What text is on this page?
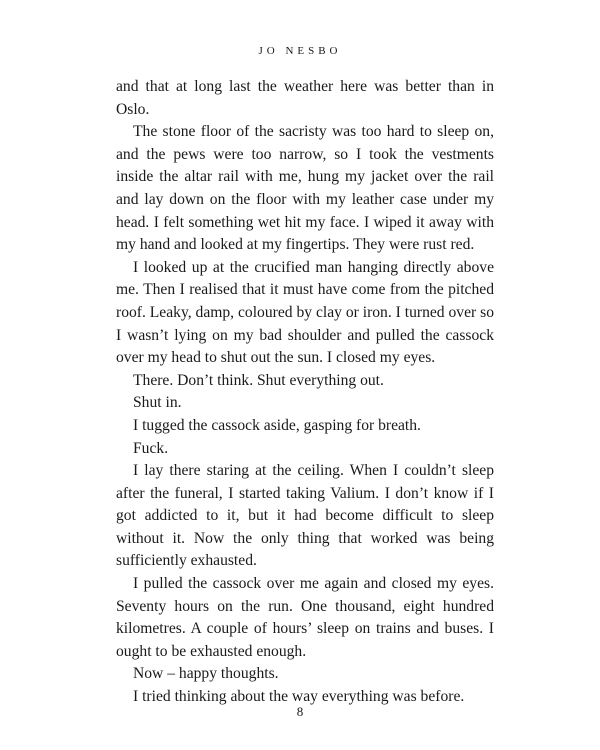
JO NESBO

and that at long last the weather here was better than in Oslo.

The stone floor of the sacristy was too hard to sleep on, and the pews were too narrow, so I took the vestments inside the altar rail with me, hung my jacket over the rail and lay down on the floor with my leather case under my head. I felt something wet hit my face. I wiped it away with my hand and looked at my fingertips. They were rust red.

I looked up at the crucified man hanging directly above me. Then I realised that it must have come from the pitched roof. Leaky, damp, coloured by clay or iron. I turned over so I wasn’t lying on my bad shoulder and pulled the cassock over my head to shut out the sun. I closed my eyes.

There. Don’t think. Shut everything out.

Shut in.

I tugged the cassock aside, gasping for breath.

Fuck.

I lay there staring at the ceiling. When I couldn’t sleep after the funeral, I started taking Valium. I don’t know if I got addicted to it, but it had become difficult to sleep without it. Now the only thing that worked was being sufficiently exhausted.

I pulled the cassock over me again and closed my eyes. Seventy hours on the run. One thousand, eight hundred kilometres. A couple of hours’ sleep on trains and buses. I ought to be exhausted enough.

Now – happy thoughts.

I tried thinking about the way everything was before.

8
